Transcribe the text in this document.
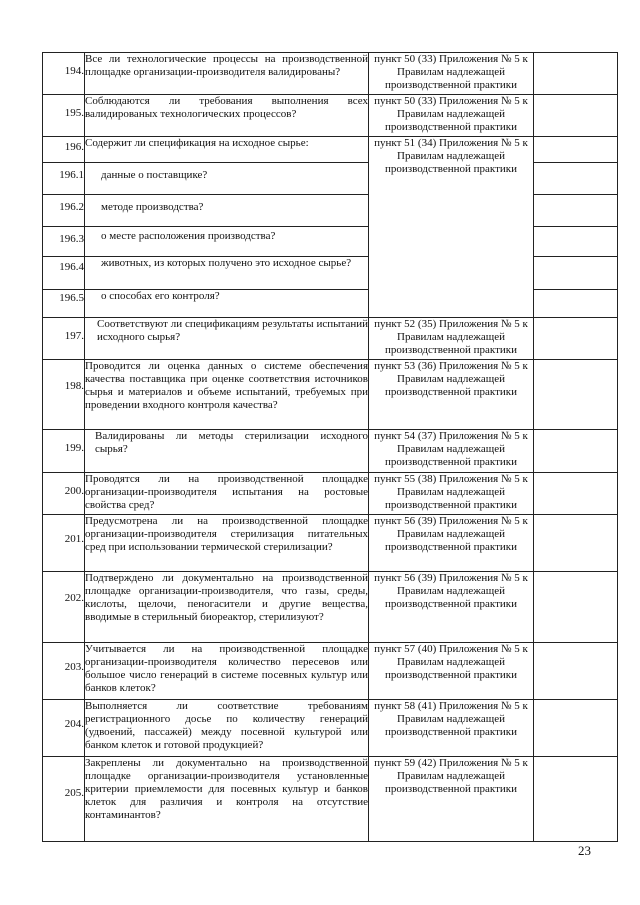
194.	Все ли технологические процессы на производственной площадке организации-производителя валидированы?	пункт 50 (33) Приложения № 5 к Правилам надлежащей производственной практики	

195.	Соблюдаются ли требования выполнения всех валидированых технологических процессов?	пункт 50 (33) Приложения № 5 к Правилам надлежащей производственной практики	

196.	Содержит ли спецификация на исходное сырье:	пункт 51 (34) Приложения № 5 к Правилам надлежащей производственной практики	

196.1	данные о поставщике?		

196.2	методе производства?		

196.3	о месте расположения производства?		

196.4	животных, из которых получено это исходное сырье?		

196.5	о способах его контроля?		

197.	Соответствуют ли спецификациям результаты испытаний исходного сырья?	пункт 52 (35) Приложения № 5 к Правилам надлежащей производственной практики	

198.	Проводится ли оценка данных о системе обеспечения качества поставщика при оценке соответствия источников сырья и материалов и объеме испытаний, требуемых при проведении входного контроля качества?	пункт 53 (36) Приложения № 5 к Правилам надлежащей производственной практики	

199.	Валидированы ли методы стерилизации исходного сырья?	пункт 54 (37) Приложения № 5 к Правилам надлежащей производственной практики	

200.	Проводятся ли на производственной площадке организации-производителя испытания на ростовые свойства сред?	пункт 55 (38) Приложения № 5 к Правилам надлежащей производственной практики	

201.	Предусмотрена ли на производственной площадке организации-производителя стерилизация питательных сред при использовании термической стерилизации?	пункт 56 (39) Приложения № 5 к Правилам надлежащей производственной практики	

202.	Подтверждено ли документально на производственной площадке организации-производителя, что газы, среды, кислоты, щелочи, пеногасители и другие вещества, вводимые в стерильный биореактор, стерилизуют?	пункт 56 (39) Приложения № 5 к Правилам надлежащей производственной практики	

203.	Учитывается ли на производственной площадке организации-производителя количество пересевов или большое число генераций в системе посевных культур или банков клеток?	пункт 57 (40) Приложения № 5 к Правилам надлежащей производственной практики	

204.	Выполняется ли соответствие требованиям регистрационного досье по количеству генераций (удвоений, пассажей) между посевной культурой или банком клеток и готовой продукцией?	пункт 58 (41) Приложения № 5 к Правилам надлежащей производственной практики	

205.	Закреплены ли документально на производственной площадке организации-производителя установленные критерии приемлемости для посевных культур и банков клеток для различия и контроля на отсутствие контаминантов?	пункт 59 (42) Приложения № 5 к Правилам надлежащей производственной практики	
23
